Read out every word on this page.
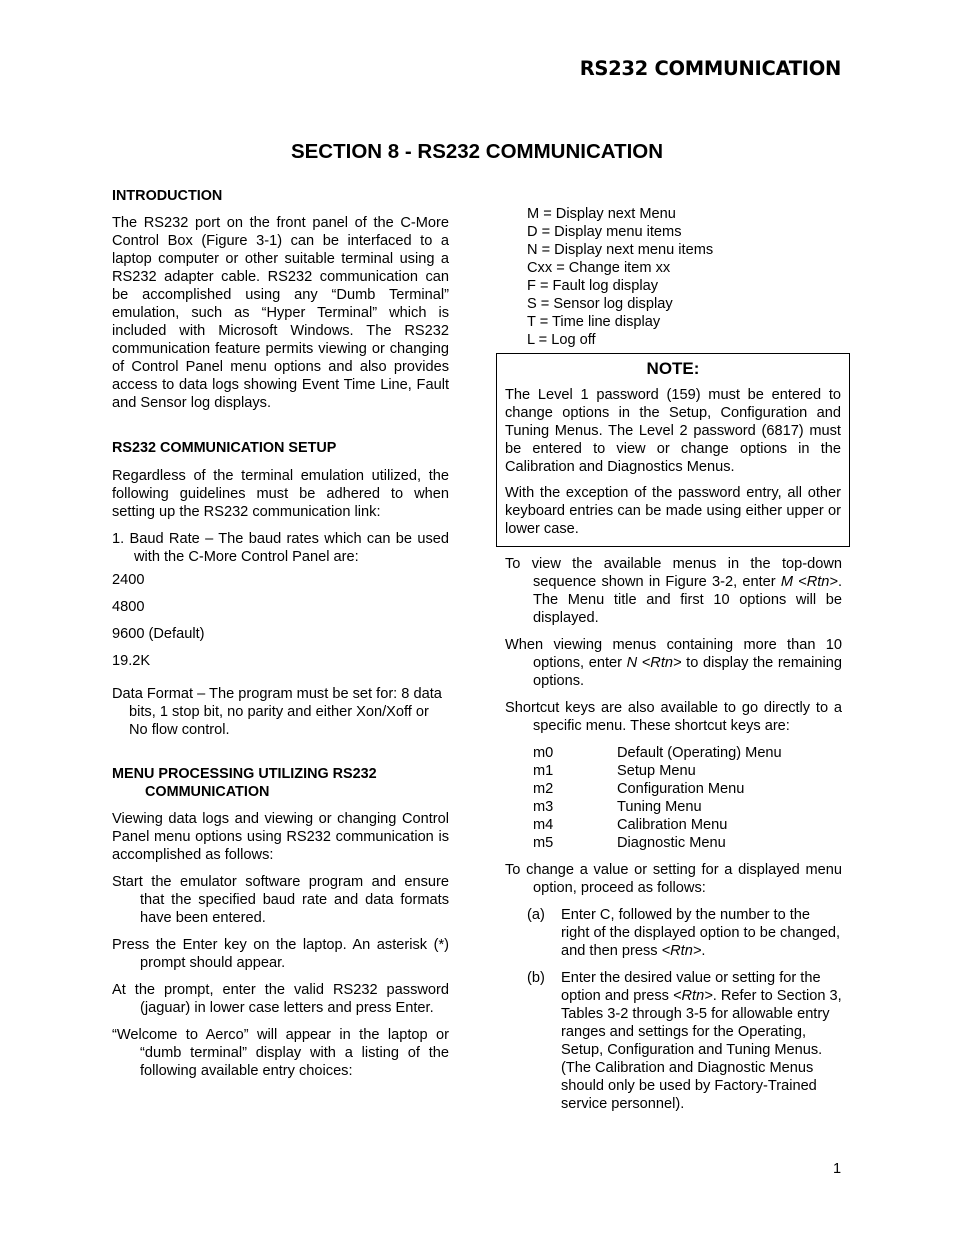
RS232 COMMUNICATION
SECTION 8 - RS232 COMMUNICATION

INTRODUCTION

The RS232 port on the front panel of the C-More Control Box (Figure 3-1) can be interfaced to a laptop computer or other suitable terminal using a RS232 adapter cable. RS232 communication can be accomplished using any “Dumb Terminal” emulation, such as “Hyper Terminal” which is included with Microsoft Windows. The RS232 communication feature permits viewing or changing of Control Panel menu options and also provides access to data logs showing Event Time Line, Fault and Sensor log displays.

RS232 COMMUNICATION SETUP

Regardless of the terminal emulation utilized, the following guidelines must be adhered to when setting up the RS232 communication link:

1. Baud Rate – The baud rates which can be used with the C-More Control Panel are:

2400

4800

9600 (Default)

19.2K

Data Format – The program must be set for: 8 data bits, 1 stop bit, no parity and either Xon/Xoff or No flow control.

MENU PROCESSING UTILIZING RS232

COMMUNICATION

Viewing data logs and viewing or changing Control Panel menu options using RS232 communication is accomplished as follows:

Start the emulator software program and ensure that the specified baud rate and data formats have been entered.

Press the Enter key on the laptop. An asterisk (*) prompt should appear.

At the prompt, enter the valid RS232 password (jaguar) in lower case letters and press Enter.

“Welcome to Aerco” will appear in the laptop or “dumb terminal” display with a listing of the following available entry choices:

M = Display next Menu
D = Display menu items
N = Display next menu items
Cxx = Change item xx
F = Fault log display
S = Sensor log display
T = Time line display
L = Log off
NOTE:

The Level 1 password (159) must be entered to change options in the Setup, Configuration and Tuning Menus. The Level 2 password (6817) must be entered to view or change options in the Calibration and Diagnostics Menus.

With the exception of the password entry, all other keyboard entries can be made using either upper or lower case.

To view the available menus in the top-down sequence shown in Figure 3-2, enter M <Rtn>. The Menu title and first 10 options will be displayed.

When viewing menus containing more than 10 options, enter N <Rtn> to display the remaining options.

Shortcut keys are also available to go directly to a specific menu. These shortcut keys are:

m0	Default (Operating) Menu
m1	Setup Menu
m2	Configuration Menu
m3	Tuning Menu
m4	Calibration Menu
m5	Diagnostic Menu

To change a value or setting for a displayed menu option, proceed as follows:

(a)	Enter C, followed by the number to the right of the displayed option to be changed, and then press <Rtn>.
(b)	Enter the desired value or setting for the option and press <Rtn>. Refer to Section 3, Tables 3-2 through 3-5 for allowable entry ranges and settings for the Operating, Setup, Configuration and Tuning Menus. (The Calibration and Diagnostic Menus should only be used by Factory-Trained service personnel).
1
